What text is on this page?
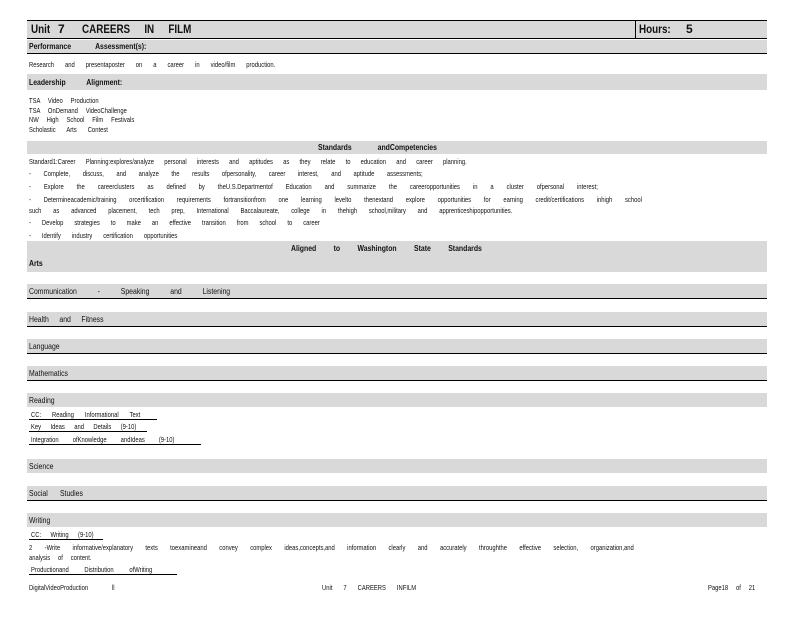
Unit 7 CAREERS IN FILM	Hours: 5
Performance Assessment(s):
Research and presentaposter on a career in video/film production.
Leadership Alignment:
TSA Video Production
TSA OnDemand VideoChallenge
NW High School Film Festivals
Scholastic Arts Contest
Standards andCompetencies
Standard1:Career Planning:explores/analyze personal interests and aptitudes as they relate to education and career planning.
- Complete, discuss, and analyze the results ofpersonality, career interest, and aptitude assessments;
- Explore the careerclusters as defined by theU.S.Departmentof Education and summarize the careeropportunities in a cluster ofpersonal interest;
- Determineacademic/training orcertification requirements fortransitionfrom one learning levelto thenextand explore opportunities for earning credit/certifications inhigh school
such as advanced placement, tech prep, International Baccalaureate, college in thehigh school,military and apprenticeshipopportunities.
- Develop strategies to make an effective transition from school to career
- Identify industry certification opportunities
Aligned to Washington State Standards
Arts
Communication - Speaking and Listening
Health and Fitness
Language
Mathematics
Reading
CC: Reading Informational Text
Key Ideas and Details (9-10)
Integration ofKnowledge andIdeas (9-10)
Science
Social Studies
Writing
CC: Writing (9-10)
2 -Write informative/explanatory texts toexamineand convey complex ideas,concepts,and information clearly and accurately throughthe effective selection, organization,and
analysis of content.
Productionand Distribution ofWriting
DigitalVideoProduction	ll	Unit 7 CAREERS INFILM	Page18 of 21
